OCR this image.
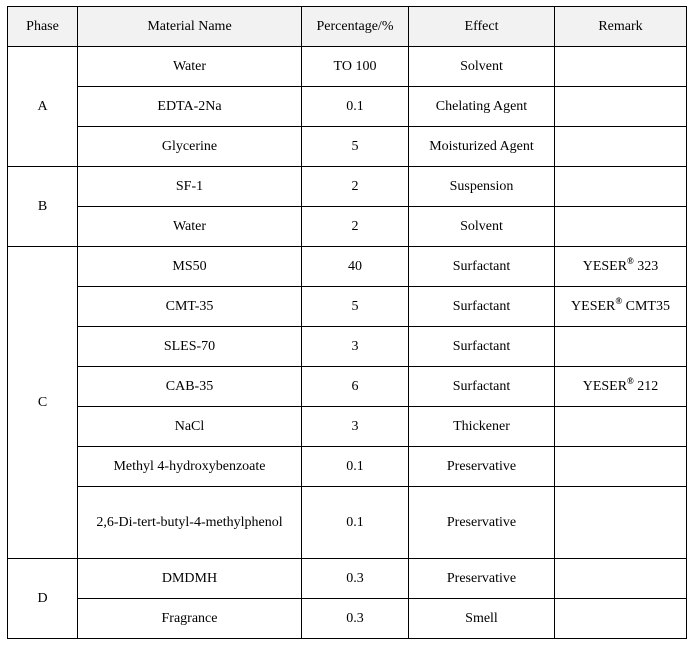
Phase	Material Name	Percentage/%	Effect	Remark
A	Water	TO 100	Solvent	
	EDTA-2Na	0.1	Chelating Agent	
	Glycerine	5	Moisturized Agent	
B	SF-1	2	Suspension	
	Water	2	Solvent	
C	MS50	40	Surfactant	YESER® 323
	CMT-35	5	Surfactant	YESER® CMT35
	SLES-70	3	Surfactant	
	CAB-35	6	Surfactant	YESER® 212
	NaCl	3	Thickener	
	Methyl 4-hydroxybenzoate	0.1	Preservative	
	2,6-Di-tert-butyl-4-methylphenol	0.1	Preservative	
D	DMDMH	0.3	Preservative	
	Fragrance	0.3	Smell	
